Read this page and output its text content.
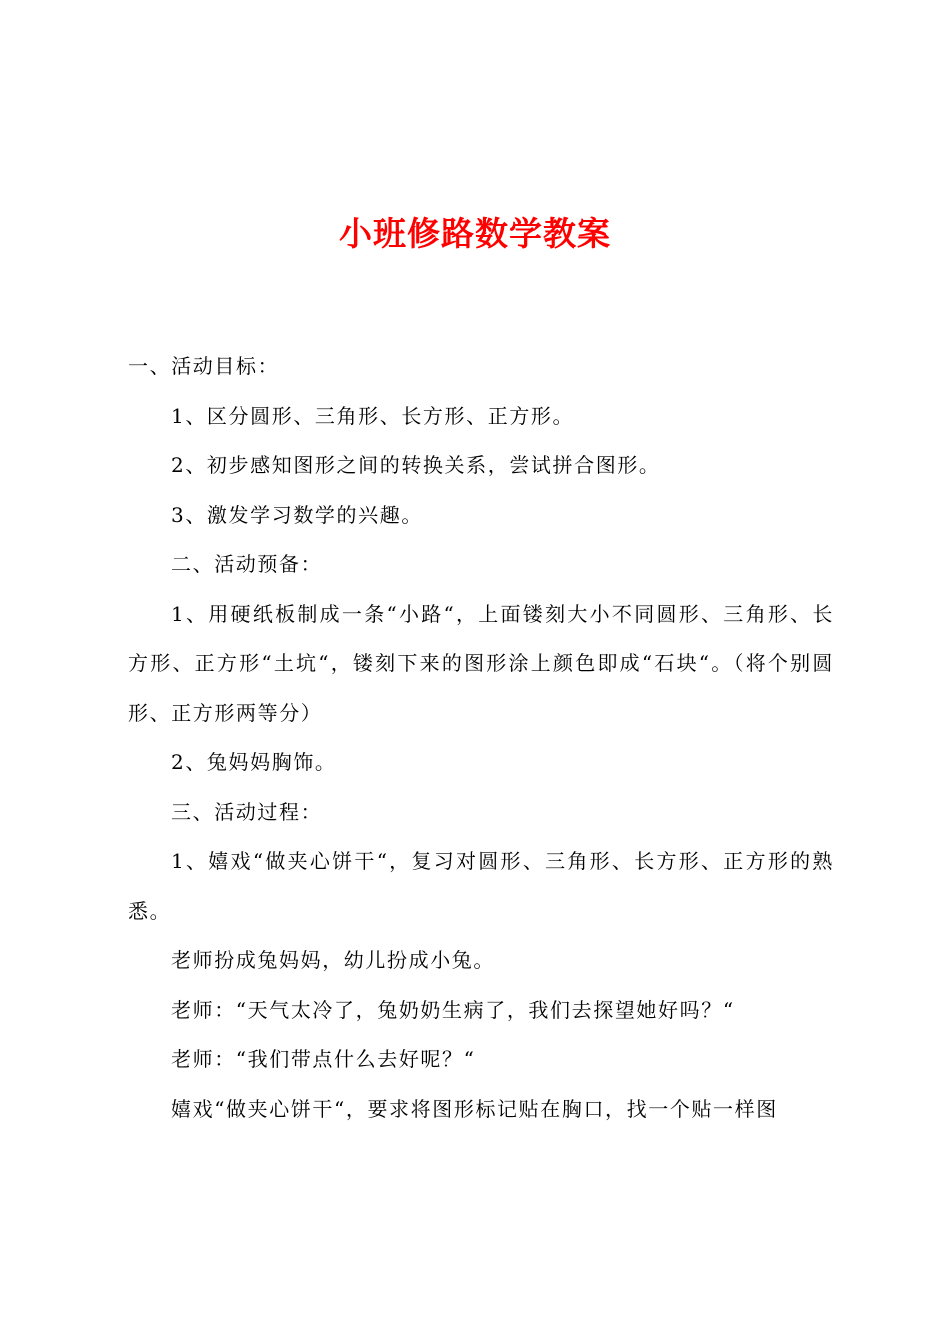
小班修路数学教案

一、活动目标：

1、区分圆形、三角形、长方形、正方形。

2、初步感知图形之间的转换关系，尝试拼合图形。

3、激发学习数学的兴趣。

二、活动预备：

1、用硬纸板制成一条“小路“，上面镂刻大小不同圆形、三角形、长方形、正方形“土坑“，镂刻下来的图形涂上颜色即成“石块“。（将个别圆形、正方形两等分）

2、兔妈妈胸饰。

三、活动过程：

1、嬉戏“做夹心饼干“，复习对圆形、三角形、长方形、正方形的熟悉。

老师扮成兔妈妈，幼儿扮成小兔。

老师：“天气太冷了，兔奶奶生病了，我们去探望她好吗？“

老师：“我们带点什么去好呢？“

嬉戏“做夹心饼干“，要求将图形标记贴在胸口，找一个贴一样图
